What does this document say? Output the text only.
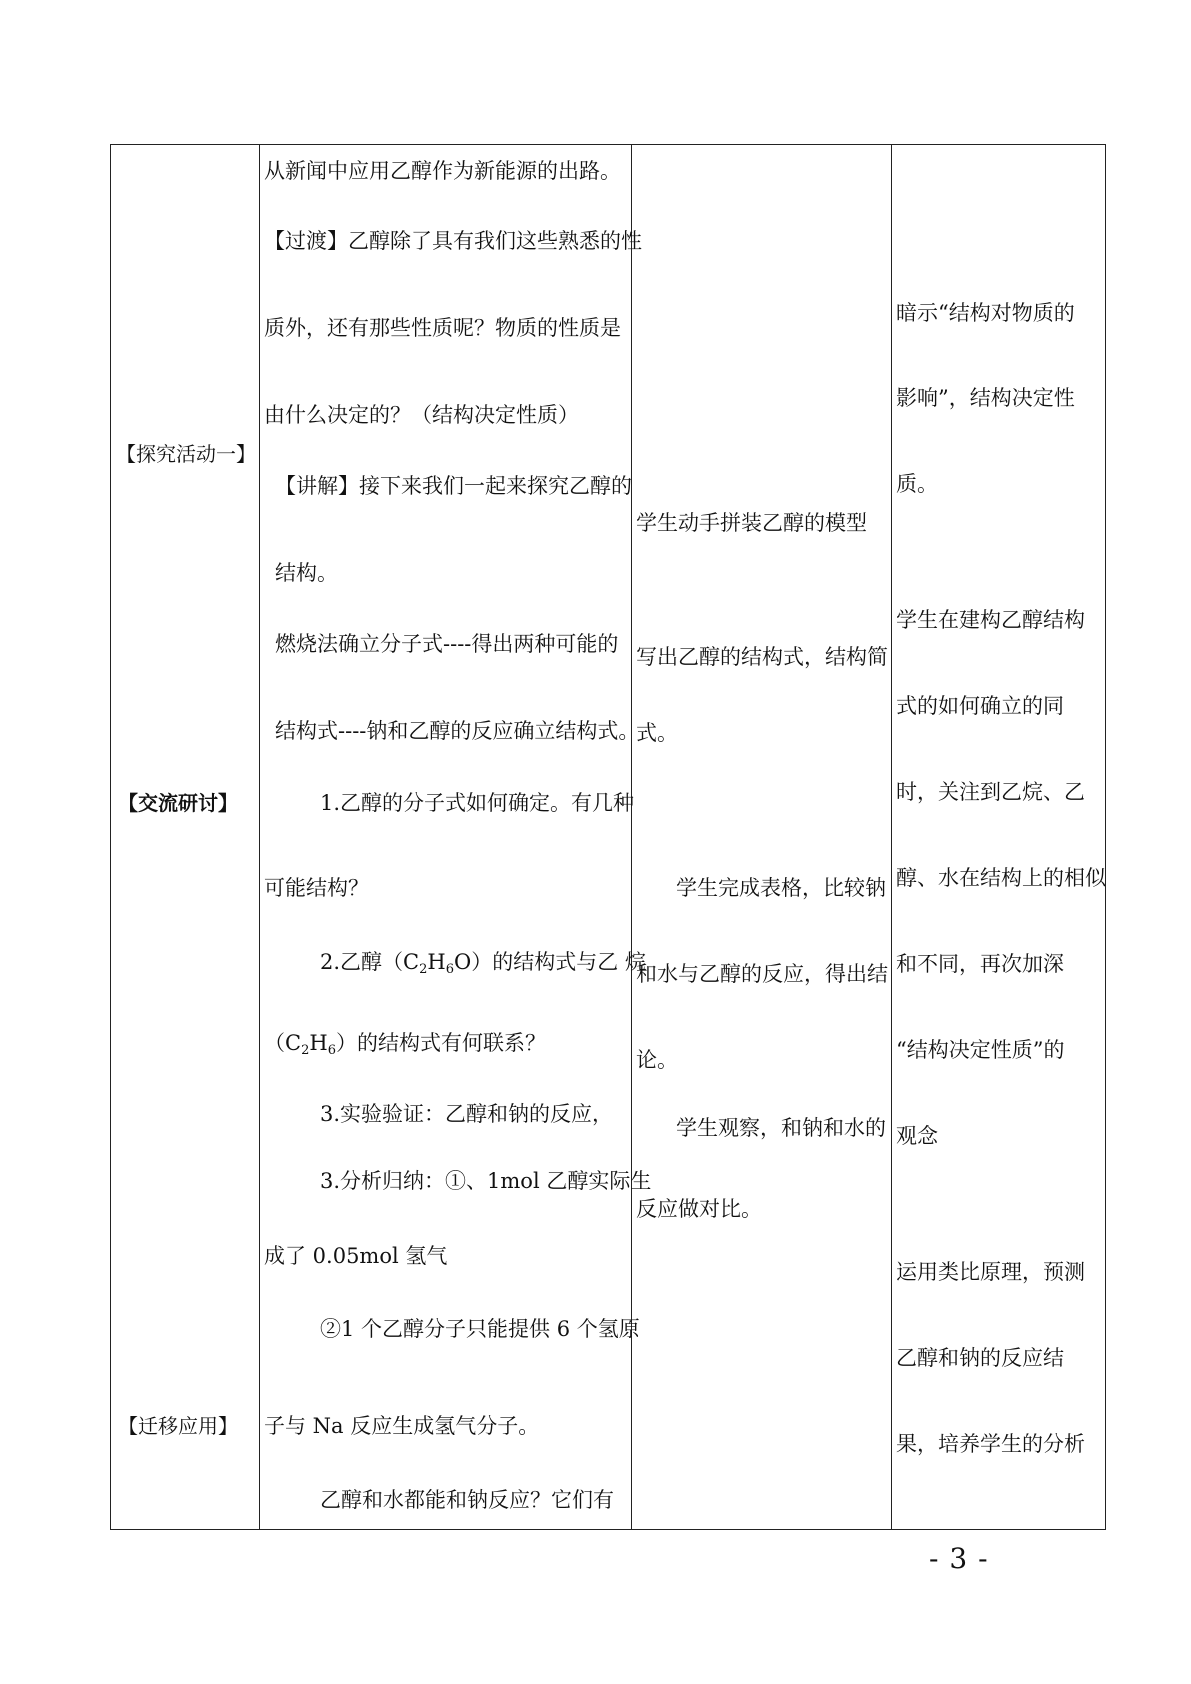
【探究活动一】
【交流研讨】
【迁移应用】
从新闻中应用乙醇作为新能源的出路。
【过渡】乙醇除了具有我们这些熟悉的性
质外，还有那些性质呢？物质的性质是
由什么决定的？（结构决定性质）
【讲解】接下来我们一起来探究乙醇的
结构。
燃烧法确立分子式----得出两种可能的
结构式----钠和乙醇的反应确立结构式。
1.乙醇的分子式如何确定。有几种
可能结构？
2.乙醇$(C_2H_6O)$的结构式与乙 烷
$(C_2H_6)$的结构式有何联系？
3.实验验证：乙醇和钠的反应，
3.分析归纳：①、1mol 乙醇实际生
成了 0.05mol 氢气
②1 个乙醇分子只能提供 6 个氢原
子与 Na 反应生成氢气分子。
乙醇和水都能和钠反应？它们有
学生动手拼装乙醇的模型
写出乙醇的结构式，结构简
式。
学生完成表格，比较钠
和水与乙醇的反应，得出结
论。
学生观察，和钠和水的
反应做对比。
暗示“结构对物质的
影响”，结构决定性
质。
学生在建构乙醇结构
式的如何确立的同
时，关注到乙烷、乙
醇、水在结构上的相似
和不同，再次加深
“结构决定性质”的
观念
运用类比原理，预测
乙醇和钠的反应结
果，培养学生的分析
- 3 -
